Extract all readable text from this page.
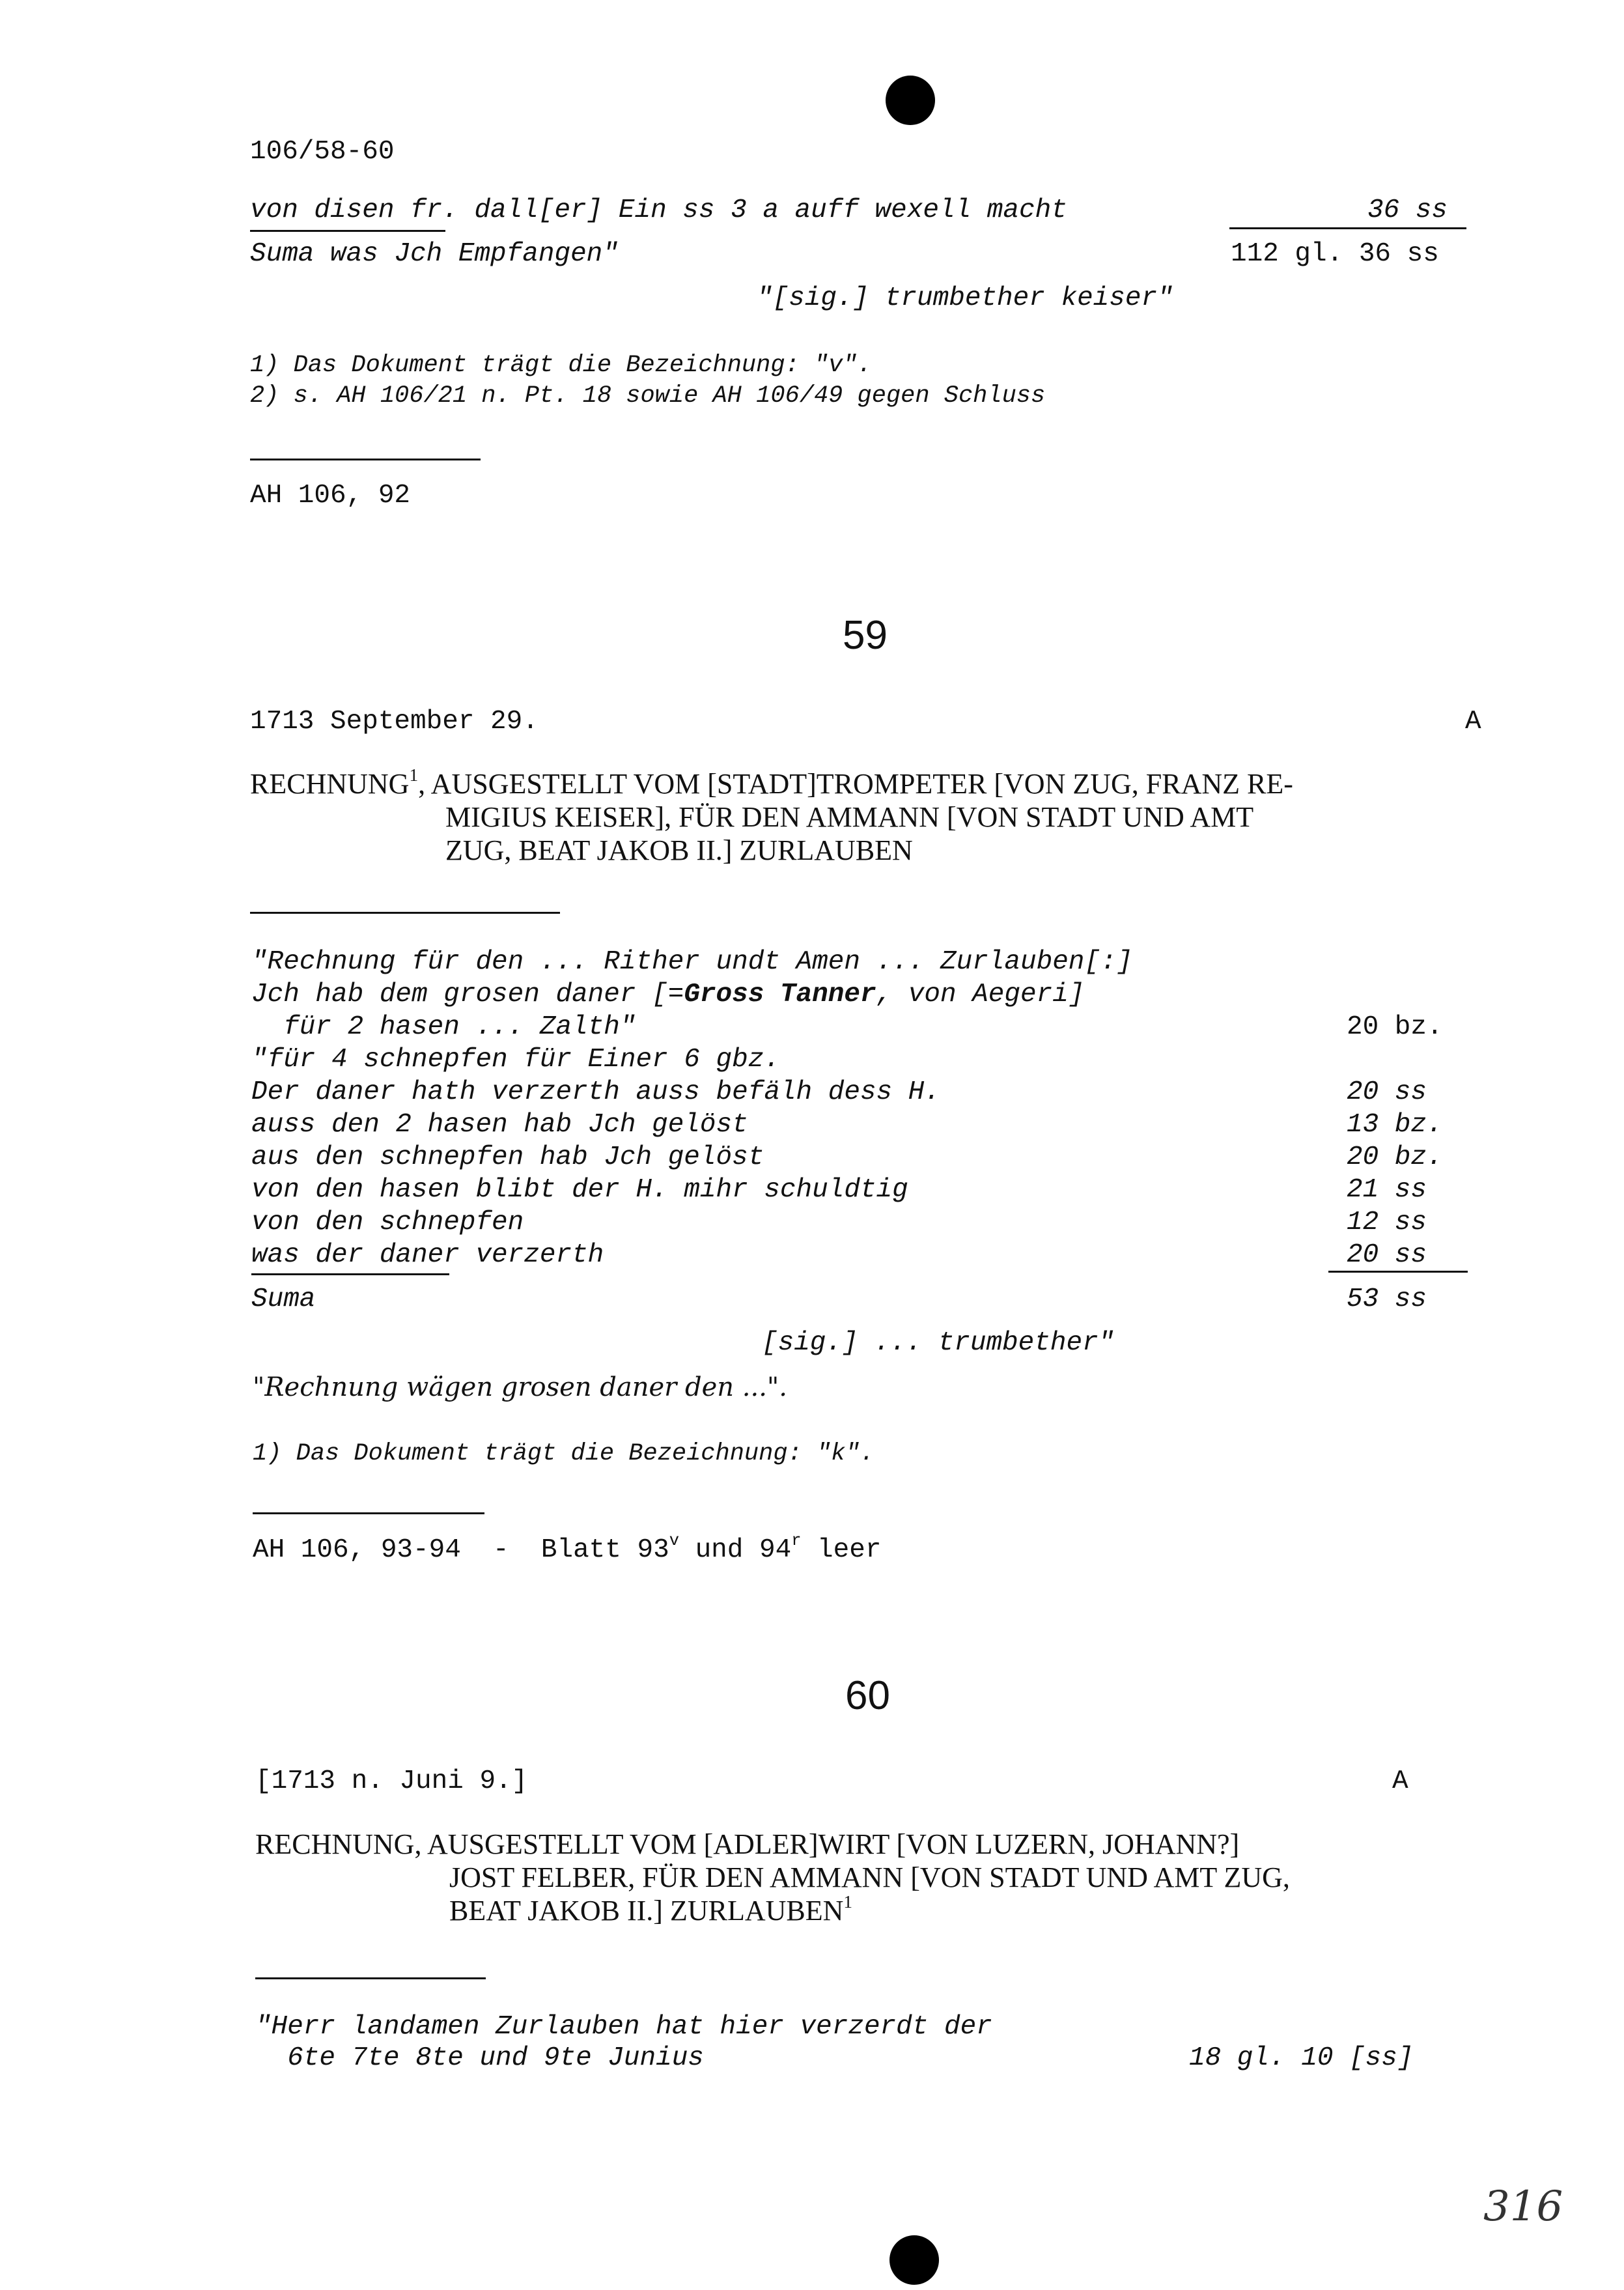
106/58-60
von disen fr. dall[er] Ein ss 3 a auff wexell macht	36 ss
Suma was Jch Empfangen"	112 gl. 36 ss
"[sig.] trumbether keiser"
1) Das Dokument trägt die Bezeichnung: "v".
2) s. AH 106/21 n. Pt. 18 sowie AH 106/49 gegen Schluss
AH 106, 92
59
1713 September 29.	A
RECHNUNG$^1$, AUSGESTELLT VOM [STADT]TROMPETER [VON ZUG, FRANZ RE-
MIGIUS KEISER], FÜR DEN AMMANN [VON STADT UND AMT
ZUG, BEAT JAKOB II.] ZURLAUBEN
"Rechnung für den ... Rither undt Amen ... Zurlauben[:]
Jch hab dem grosen daner [=Gross Tanner, von Aegeri]
für 2 hasen ... Zalth"	20 bz.
"für 4 schnepfen für Einer 6 gbz.
Der daner hath verzerth auss befälh dess H.	20 ss
auss den 2 hasen hab Jch gelöst	13 bz.
aus den schnepfen hab Jch gelöst	20 bz.
von den hasen blibt der H. mihr schuldtig	21 ss
von den schnepfen	12 ss
was der daner verzerth	20 ss
Suma	53 ss
[sig.] ... trumbether"
"Rechnung wägen grosen daner den ...".
1) Das Dokument trägt die Bezeichnung: "k".
AH 106, 93-94  -  Blatt 93$^v$ und 94$^r$ leer
60
[1713 n. Juni 9.]	A
RECHNUNG, AUSGESTELLT VOM [ADLER]WIRT [VON LUZERN, JOHANN?]
JOST FELBER, FÜR DEN AMMANN [VON STADT UND AMT ZUG,
BEAT JAKOB II.] ZURLAUBEN$^1$
"Herr landamen Zurlauben hat hier verzerdt der
6te 7te 8te und 9te Junius	18 gl. 10 [ss]
316
